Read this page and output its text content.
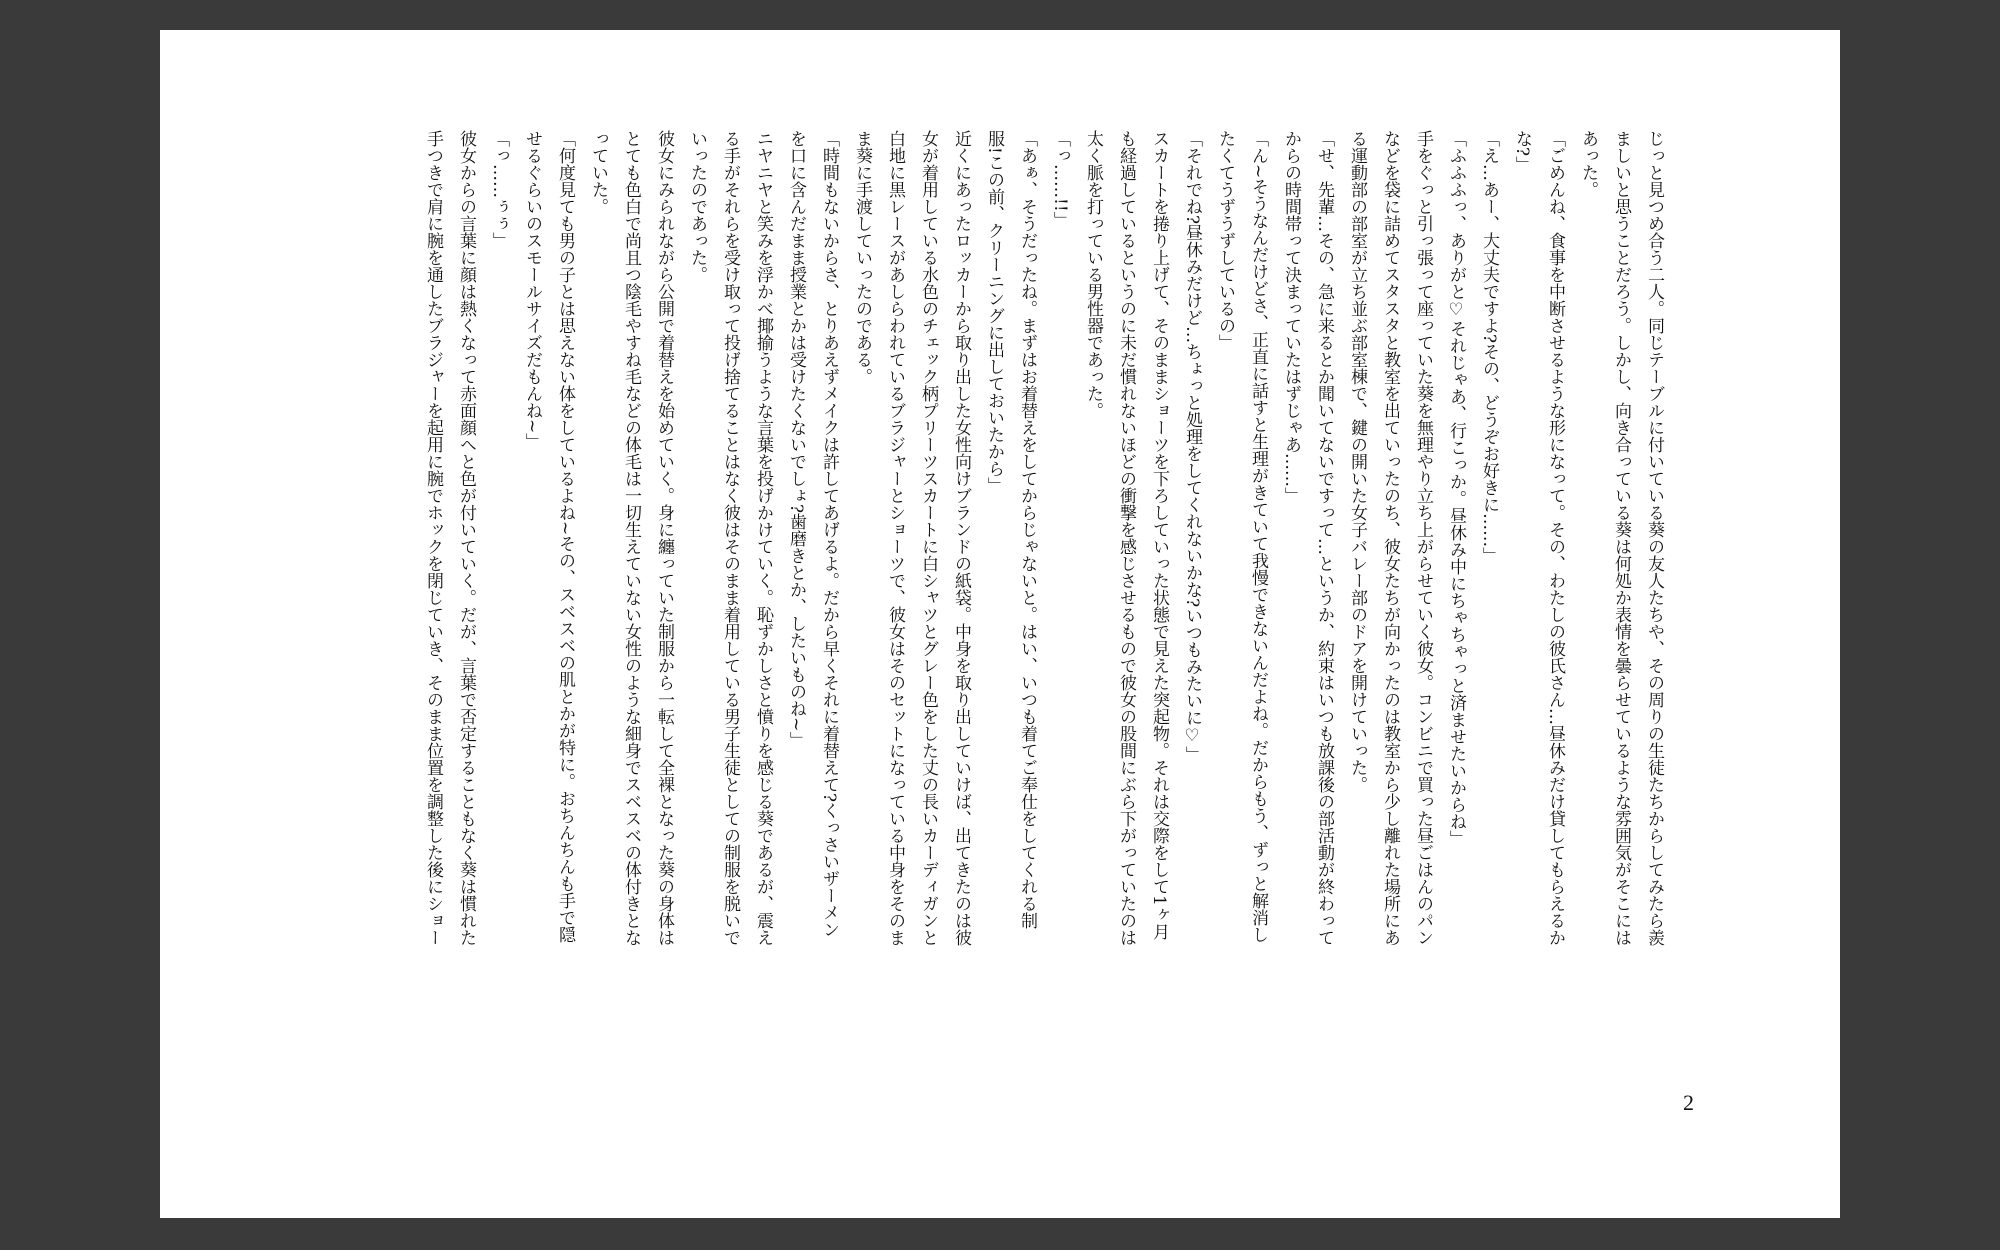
じっと見つめ合う二人。同じテーブルに付いている葵の友人たちや、その周りの生徒たちからしてみたら羨

ましいと思うことだろう。しかし、向き合っている葵は何処か表情を曇らせているような雰囲気がそこには

あった。

「ごめんね、食事を中断させるような形になって。その、わたしの彼氏さん…昼休みだけ貸してもらえるか

な?」

「え…あー、大丈夫ですよ?その、どうぞお好きに……」

「ふふふっ、ありがと♡それじゃあ、行こっか。昼休み中にちゃちゃっと済ませたいからね」

手をぐっと引っ張って座っていた葵を無理やり立ち上がらせていく彼女。コンビニで買った昼ごはんのパン

などを袋に詰めてスタスタと教室を出ていったのち、彼女たちが向かったのは教室から少し離れた場所にあ

る運動部の部室が立ち並ぶ部室棟で、鍵の開いた女子バレー部のドアを開けていった。

「せ、先輩…その、急に来るとか聞いてないですって…というか、約束はいつも放課後の部活動が終わって

からの時間帯って決まっていたはずじゃあ……」

「ん~そうなんだけどさ、正直に話すと生理がきていて我慢できないんだよね。だからもう、ずっと解消し

たくてうずうずしているの」

「それでね?昼休みだけど…ちょっと処理をしてくれないかな?いつもみたいに♡」

スカートを捲り上げて、そのままショーツを下ろしていった状態で見えた突起物。それは交際をして1ヶ月

も経過しているというのに未だ慣れないほどの衝撃を感じさせるもので彼女の股間にぶら下がっていたのは

太く脈を打っている男性器であった。

「っ……!!」

「あぁ、そうだったね。まずはお着替えをしてからじゃないと。はい、いつも着てご奉仕をしてくれる制

服!この前、クリーニングに出しておいたから」

近くにあったロッカーから取り出した女性向けブランドの紙袋。中身を取り出していけば、出てきたのは彼

女が着用している水色のチェック柄プリーツスカートに白シャツとグレー色をした丈の長いカーディガンと

白地に黒レースがあしらわれているブラジャーとショーツで、彼女はそのセットになっている中身をそのま

ま葵に手渡していったのである。

「時間もないからさ、とりあえずメイクは許してあげるよ。だから早くそれに着替えて?くっさいザーメン

を口に含んだまま授業とかは受けたくないでしょ?歯磨きとか、したいものね~」

ニヤニヤと笑みを浮かべ揶揄うような言葉を投げかけていく。恥ずかしさと憤りを感じる葵であるが、震え

る手がそれらを受け取って投げ捨てることはなく彼はそのまま着用している男子生徒としての制服を脱いで

いったのであった。

彼女にみられながら公開で着替えを始めていく。身に纏っていた制服から一転して全裸となった葵の身体は

とても色白で尚且つ陰毛やすね毛などの体毛は一切生えていない女性のような細身でスベスベの体付きとな

っていた。

「何度見ても男の子とは思えない体をしているよね~その、スベスベの肌とかが特に。おちんちんも手で隠

せるぐらいのスモールサイズだもんね~」

「っ……ぅぅ」

彼女からの言葉に顔は熱くなって赤面顔へと色が付いていく。だが、言葉で否定することもなく葵は慣れた

手つきで肩に腕を通したブラジャーを起用に腕でホックを閉じていき、そのまま位置を調整した後にショー

2
